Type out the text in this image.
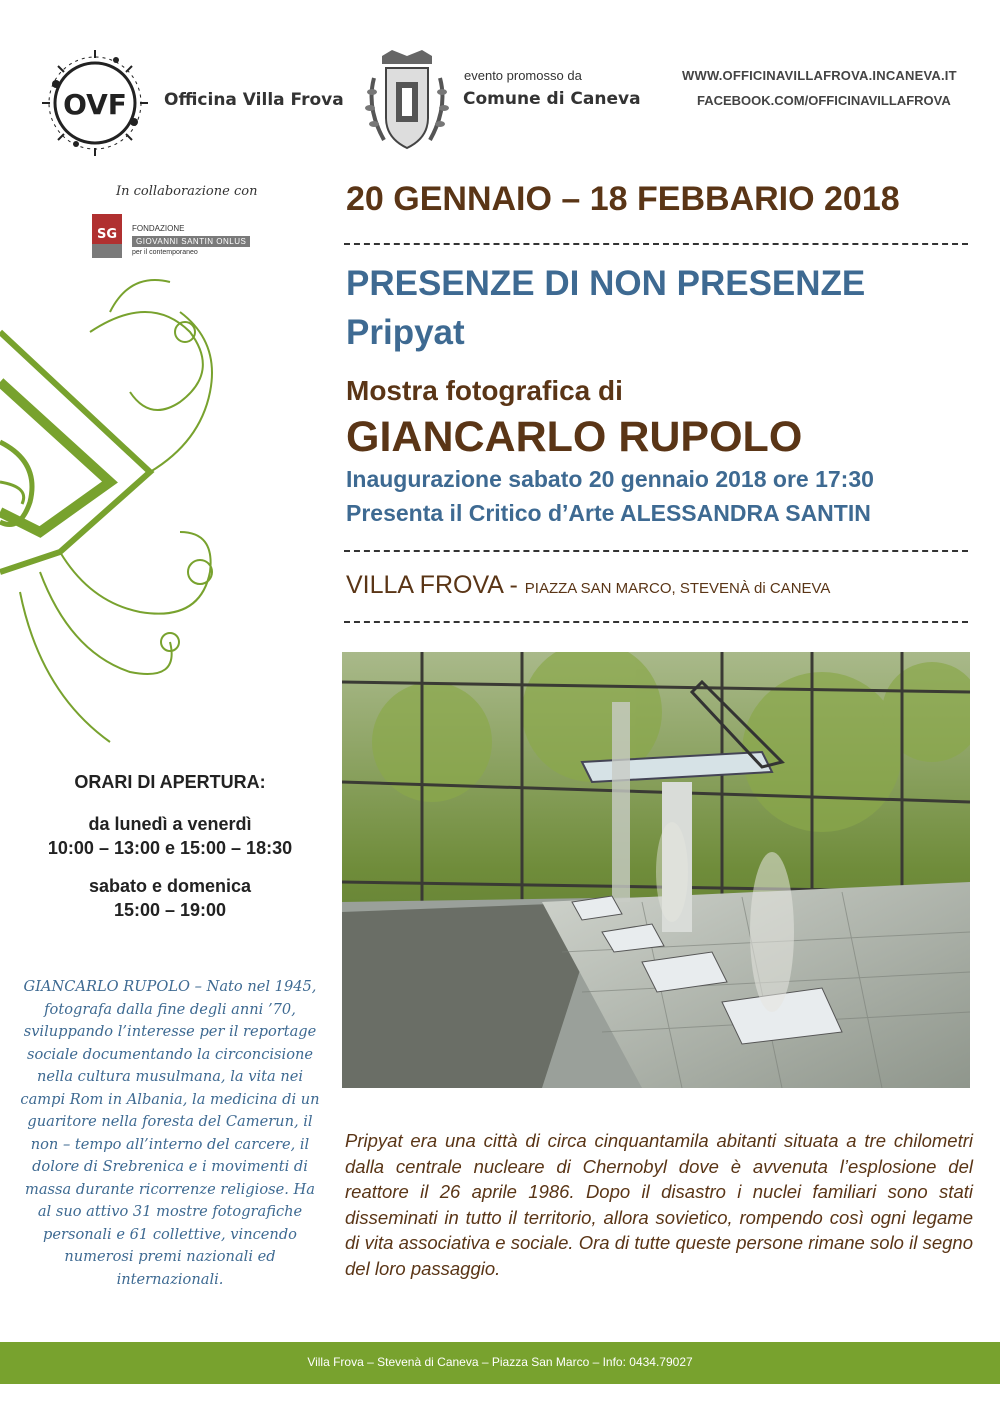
OVF Officina Villa Frova
evento promosso da
Comune di Caneva
WWW.OFFICINAVILLAFROVA.INCANEVA.IT
FACEBOOK.COM/OFFICINAVILLAFROVA
In collaborazione con
SG FONDAZIONE
GIOVANNI SANTIN ONLUS
per il contemporaneo
20 GENNAIO – 18 FEBBARIO 2018
PRESENZE DI NON PRESENZE
Pripyat
Mostra fotografica di
GIANCARLO RUPOLO
Inaugurazione sabato 20 gennaio 2018 ore 17:30
Presenta il Critico d’Arte ALESSANDRA SANTIN
VILLA FROVA - PIAZZA SAN MARCO, STEVENÀ di CANEVA
ORARI DI APERTURA:
da lunedì a venerdì
10:00 – 13:00 e 15:00 – 18:30
sabato e domenica
15:00 – 19:00
GIANCARLO RUPOLO – Nato nel 1945, fotografa dalla fine degli anni ’70, sviluppando l’interesse per il reportage sociale documentando la circoncisione nella cultura musulmana, la vita nei campi Rom in Albania, la medicina di un guaritore nella foresta del Camerun, il non – tempo all’interno del carcere, il dolore di Srebrenica e i movimenti di massa durante ricorrenze religiose. Ha al suo attivo 31 mostre fotografiche personali e 61 collettive, vincendo numerosi premi nazionali ed internazionali.
Pripyat era una città di circa cinquantamila abitanti situata a tre chilometri dalla centrale nucleare di Chernobyl dove è avvenuta l’esplosione del reattore il 26 aprile 1986. Dopo il disastro i nuclei familiari sono stati disseminati in tutto il territorio, allora sovietico, rompendo così ogni legame di vita associativa e sociale. Ora di tutte queste persone rimane solo il segno del loro passaggio.
Villa Frova – Stevenà di Caneva – Piazza San Marco – Info: 0434.79027
